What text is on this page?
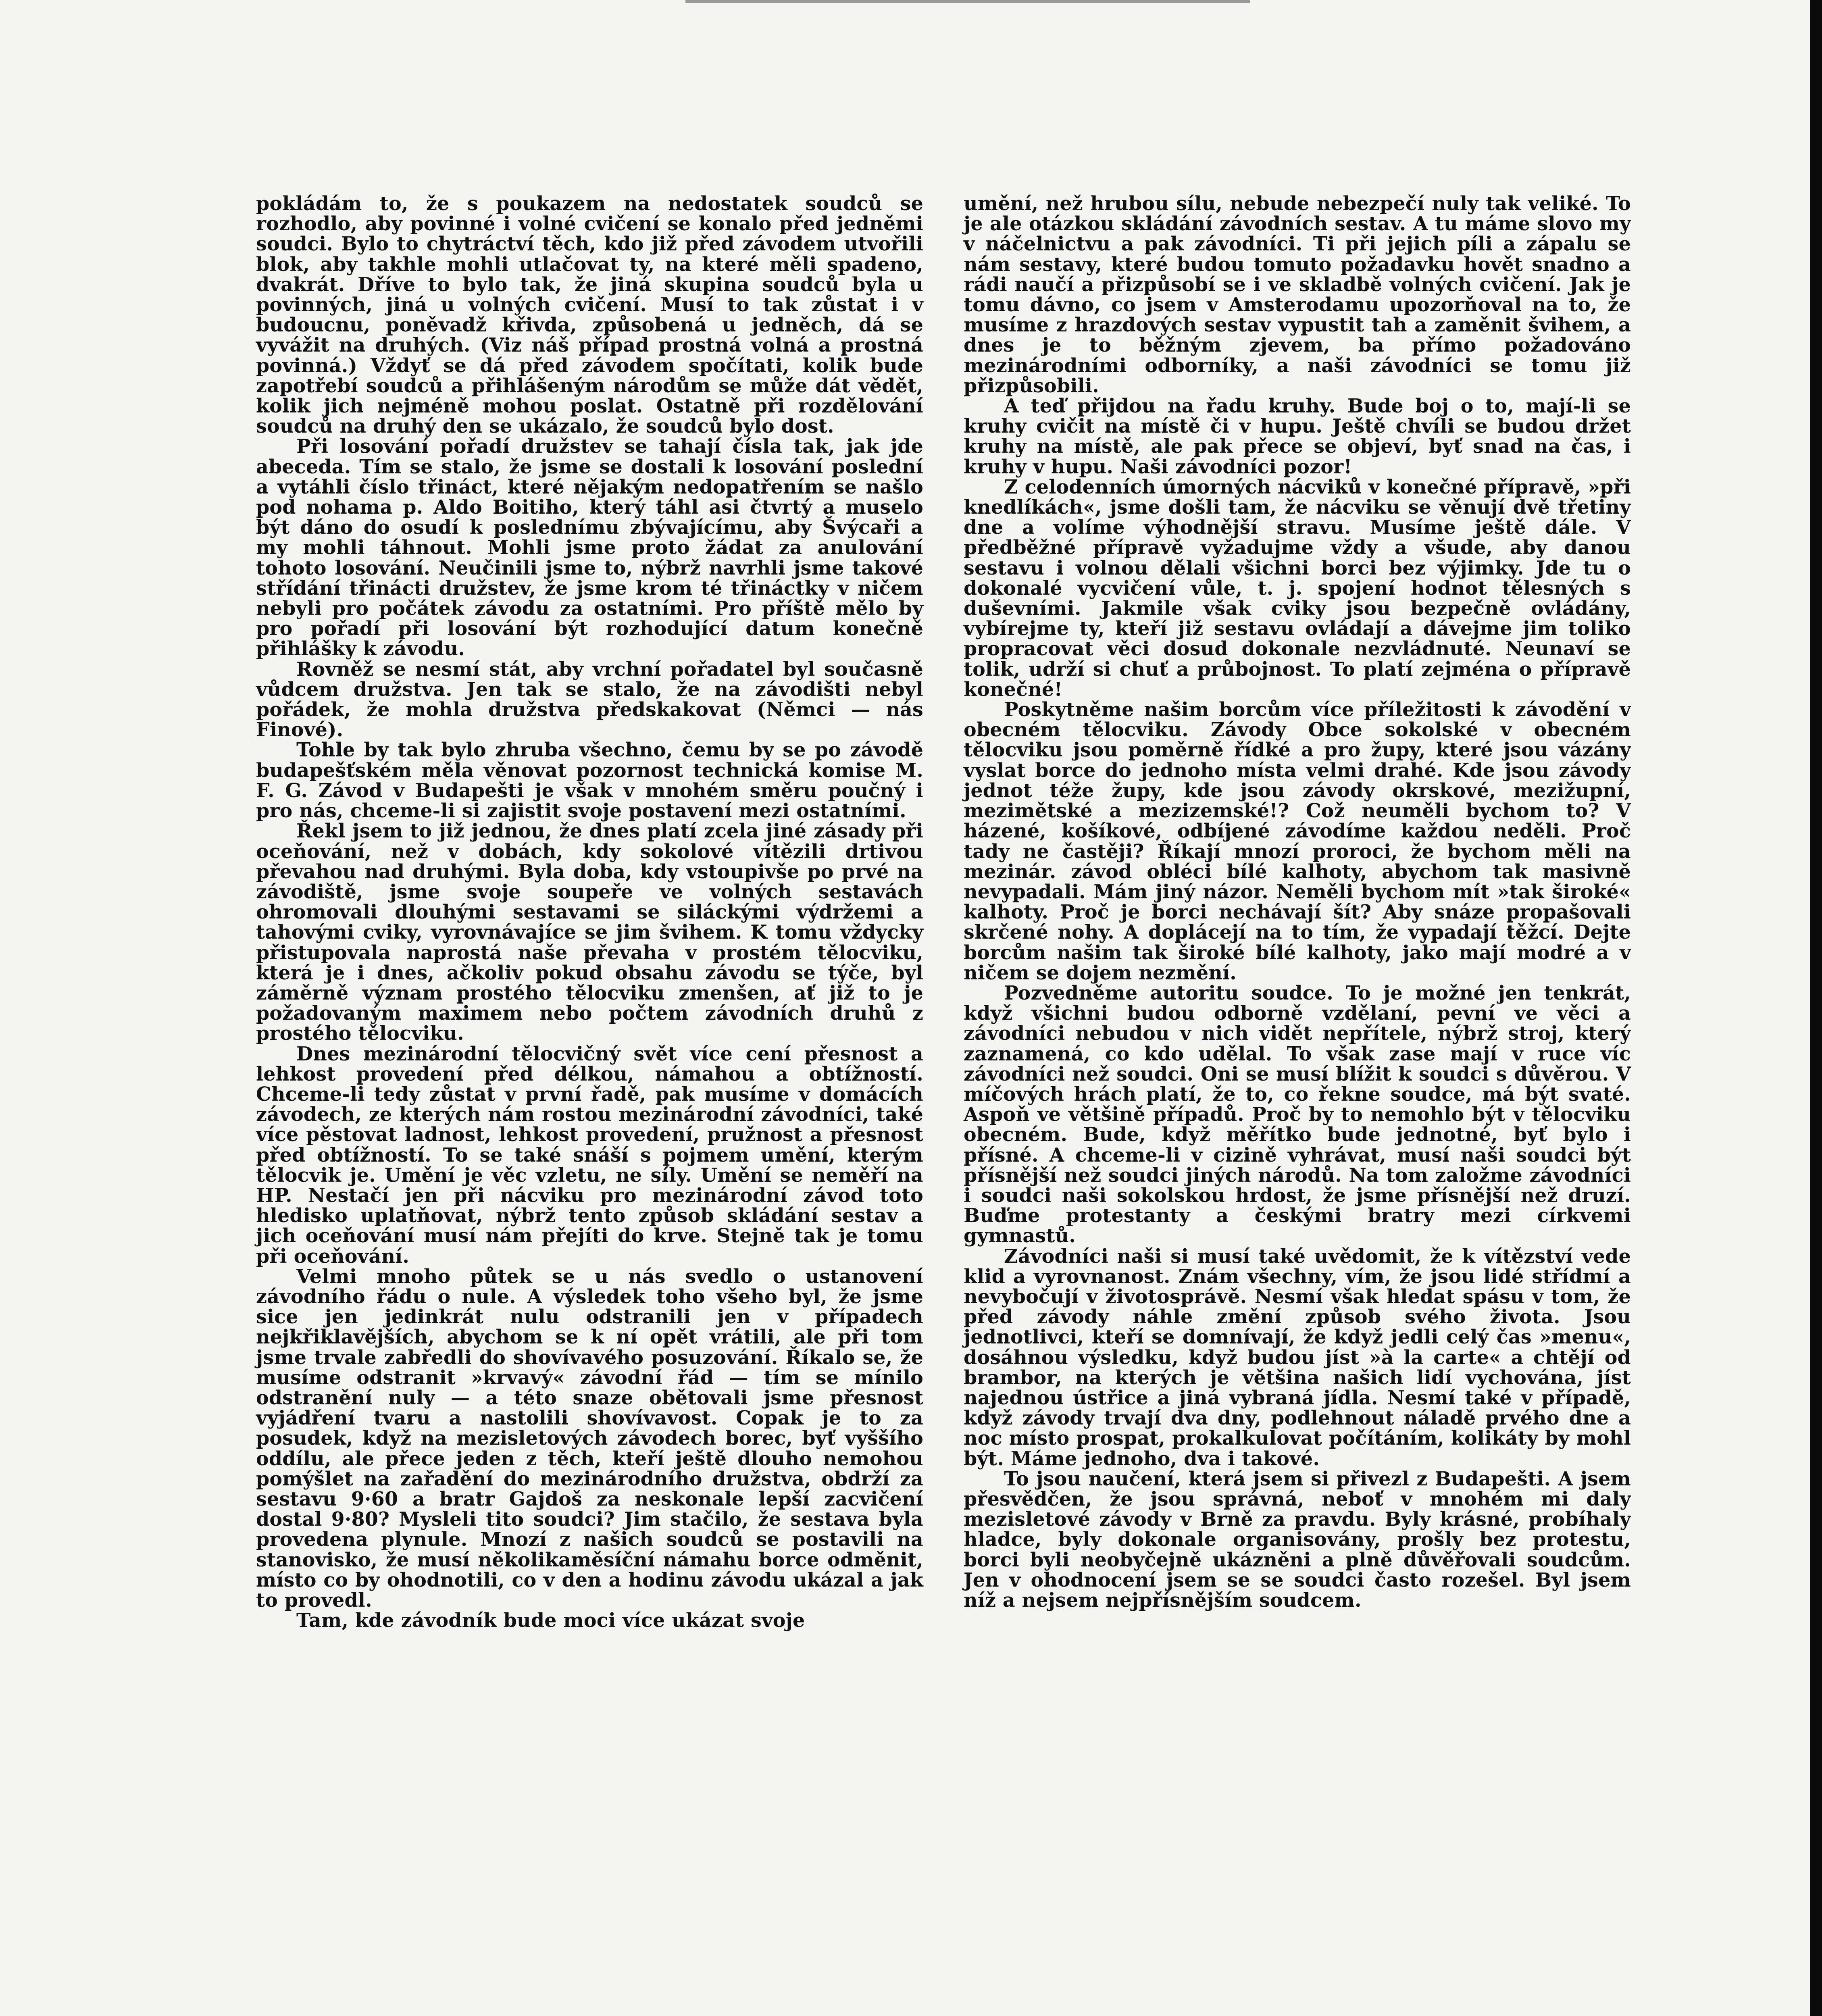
pokládám to, že s poukazem na nedostatek soudců se rozhodlo, aby povinné i volné cvičení se konalo před jedněmi soudci. Bylo to chytráctví těch, kdo již před závodem utvořili blok, aby takhle mohli utlačovat ty, na které měli spadeno, dvakrát. Dříve to bylo tak, že jiná skupina soudců byla u povinných, jiná u volných cvičení. Musí to tak zůstat i v budoucnu, poněvadž křivda, způsobená u jedněch, dá se vyvážit na druhých. (Viz náš případ prostná volná a prostná povinná.) Vždyť se dá před závodem spočítati, kolik bude zapotřebí soudců a přihlášeným národům se může dát vědět, kolik jich nejméně mohou poslat. Ostatně při rozdělování soudců na druhý den se ukázalo, že soudců bylo dost.

Při losování pořadí družstev se tahají čísla tak, jak jde abeceda. Tím se stalo, že jsme se dostali k losování poslední a vytáhli číslo třináct, které nějakým nedopatřením se našlo pod nohama p. Aldo Boitiho, který táhl asi čtvrtý a muselo být dáno do osudí k poslednímu zbývajícímu, aby Švýcaři a my mohli táhnout. Mohli jsme proto žádat za anulování tohoto losování. Neučinili jsme to, nýbrž navrhli jsme takové střídání třinácti družstev, že jsme krom té třináctky v ničem nebyli pro počátek závodu za ostatními. Pro příště mělo by pro pořadí při losování být rozhodující datum konečně přihlášky k závodu.

Rovněž se nesmí stát, aby vrchní pořadatel byl současně vůdcem družstva. Jen tak se stalo, že na závodišti nebyl pořádek, že mohla družstva předskakovat (Němci — nás Finové).

Tohle by tak bylo zhruba všechno, čemu by se po závodě budapešťském měla věnovat pozornost technická komise M. F. G. Závod v Budapešti je však v mnohém směru poučný i pro nás, chceme-li si zajistit svoje postavení mezi ostatními.

Řekl jsem to již jednou, že dnes platí zcela jiné zásady při oceňování, než v dobách, kdy sokolové vítězili drtivou převahou nad druhými. Byla doba, kdy vstoupivše po prvé na závodiště, jsme svoje soupeře ve volných sestavách ohromovali dlouhými sestavami se siláckými výdržemi a tahovými cviky, vyrovnávajíce se jim švihem. K tomu vždycky přistupovala naprostá naše převaha v prostém tělocviku, která je i dnes, ačkoliv pokud obsahu závodu se týče, byl záměrně význam prostého tělocviku zmenšen, ať již to je požadovaným maximem nebo počtem závodních druhů z prostého tělocviku.

Dnes mezinárodní tělocvičný svět více cení přesnost a lehkost provedení před délkou, námahou a obtížností. Chceme-li tedy zůstat v první řadě, pak musíme v domácích závodech, ze kterých nám rostou mezinárodní závodníci, také více pěstovat ladnost, lehkost provedení, pružnost a přesnost před obtížností. To se také snáší s pojmem umění, kterým tělocvik je. Umění je věc vzletu, ne síly. Umění se neměří na HP. Nestačí jen při nácviku pro mezinárodní závod toto hledisko uplatňovat, nýbrž tento způsob skládání sestav a jich oceňování musí nám přejíti do krve. Stejně tak je tomu při oceňování.

Velmi mnoho půtek se u nás svedlo o ustanovení závodního řádu o nule. A výsledek toho všeho byl, že jsme sice jen jedinkrát nulu odstranili jen v případech nejkřiklavějších, abychom se k ní opět vrátili, ale při tom jsme trvale zabředli do shovívavého posuzování. Říkalo se, že musíme odstranit »krvavý« závodní řád — tím se mínilo odstranění nuly — a této snaze obětovali jsme přesnost vyjádření tvaru a nastolili shovívavost. Copak je to za posudek, když na mezisletových závodech borec, byť vyššího oddílu, ale přece jeden z těch, kteří ještě dlouho nemohou pomýšlet na zařadění do mezinárodního družstva, obdrží za sestavu 9·60 a bratr Gajdoš za neskonale lepší zacvičení dostal 9·80? Mysleli tito soudci? Jim stačilo, že sestava byla provedena plynule. Mnozí z našich soudců se postavili na stanovisko, že musí několikaměsíční námahu borce odměnit, místo co by ohodnotili, co v den a hodinu závodu ukázal a jak to provedl.

Tam, kde závodník bude moci více ukázat svoje

umění, než hrubou sílu, nebude nebezpečí nuly tak veliké. To je ale otázkou skládání závodních sestav. A tu máme slovo my v náčelnictvu a pak závodníci. Ti při jejich píli a zápalu se nám sestavy, které budou tomuto požadavku hovět snadno a rádi naučí a přizpůsobí se i ve skladbě volných cvičení. Jak je tomu dávno, co jsem v Amsterodamu upozorňoval na to, že musíme z hrazdových sestav vypustit tah a zaměnit švihem, a dnes je to běžným zjevem, ba přímo požadováno mezinárodními odborníky, a naši závodníci se tomu již přizpůsobili.

A teď přijdou na řadu kruhy. Bude boj o to, mají-li se kruhy cvičit na místě či v hupu. Ještě chvíli se budou držet kruhy na místě, ale pak přece se objeví, byť snad na čas, i kruhy v hupu. Naši závodníci pozor!

Z celodenních úmorných nácviků v konečné přípravě, »při knedlíkách«, jsme došli tam, že nácviku se věnují dvě třetiny dne a volíme výhodnější stravu. Musíme ještě dále. V předběžné přípravě vyžadujme vždy a všude, aby danou sestavu i volnou dělali všichni borci bez výjimky. Jde tu o dokonalé vycvičení vůle, t. j. spojení hodnot tělesných s duševními. Jakmile však cviky jsou bezpečně ovládány, vybírejme ty, kteří již sestavu ovládají a dávejme jim toliko propracovat věci dosud dokonale nezvládnuté. Neunaví se tolik, udrží si chuť a průbojnost. To platí zejména o přípravě konečné!

Poskytněme našim borcům více příležitosti k závodění v obecném tělocviku. Závody Obce sokolské v obecném tělocviku jsou poměrně řídké a pro župy, které jsou vázány vyslat borce do jednoho místa velmi drahé. Kde jsou závody jednot téže župy, kde jsou závody okrskové, mezižupní, mezimětské a mezizemské!? Což neuměli bychom to? V házené, košíkové, odbíjené závodíme každou neděli. Proč tady ne častěji? Říkají mnozí proroci, že bychom měli na mezinár. závod obléci bílé kalhoty, abychom tak masivně nevypadali. Mám jiný názor. Neměli bychom mít »tak široké« kalhoty. Proč je borci nechávají šít? Aby snáze propašovali skrčené nohy. A doplácejí na to tím, že vypadají těžcí. Dejte borcům našim tak široké bílé kalhoty, jako mají modré a v ničem se dojem nezmění.

Pozvedněme autoritu soudce. To je možné jen tenkrát, když všichni budou odborně vzdělaní, pevní ve věci a závodníci nebudou v nich vidět nepřítele, nýbrž stroj, který zaznamená, co kdo udělal. To však zase mají v ruce víc závodníci než soudci. Oni se musí blížit k soudci s důvěrou. V míčových hrách platí, že to, co řekne soudce, má být svaté. Aspoň ve většině případů. Proč by to nemohlo být v tělocviku obecném. Bude, když měřítko bude jednotné, byť bylo i přísné. A chceme-li v cizině vyhrávat, musí naši soudci být přísnější než soudci jiných národů. Na tom založme závodníci i soudci naši sokolskou hrdost, že jsme přísnější než druzí. Buďme protestanty a českými bratry mezi církvemi gymnastů.

Závodníci naši si musí také uvědomit, že k vítězství vede klid a vyrovnanost. Znám všechny, vím, že jsou lidé střídmí a nevybočují v životosprávě. Nesmí však hledat spásu v tom, že před závody náhle změní způsob svého života. Jsou jednotlivci, kteří se domnívají, že když jedli celý čas »menu«, dosáhnou výsledku, když budou jíst »à la carte« a chtějí od brambor, na kterých je většina našich lidí vychována, jíst najednou ústřice a jiná vybraná jídla. Nesmí také v případě, když závody trvají dva dny, podlehnout náladě prvého dne a noc místo prospat, prokalkulovat počítáním, kolikáty by mohl být. Máme jednoho, dva i takové.

To jsou naučení, která jsem si přivezl z Budapešti. A jsem přesvědčen, že jsou správná, neboť v mnohém mi daly mezisletové závody v Brně za pravdu. Byly krásné, probíhaly hladce, byly dokonale organisovány, prošly bez protestu, borci byli neobyčejně ukázněni a plně důvěřovali soudcům. Jen v ohodnocení jsem se se soudci často rozešel. Byl jsem níž a nejsem nejpřísnějším soudcem.
